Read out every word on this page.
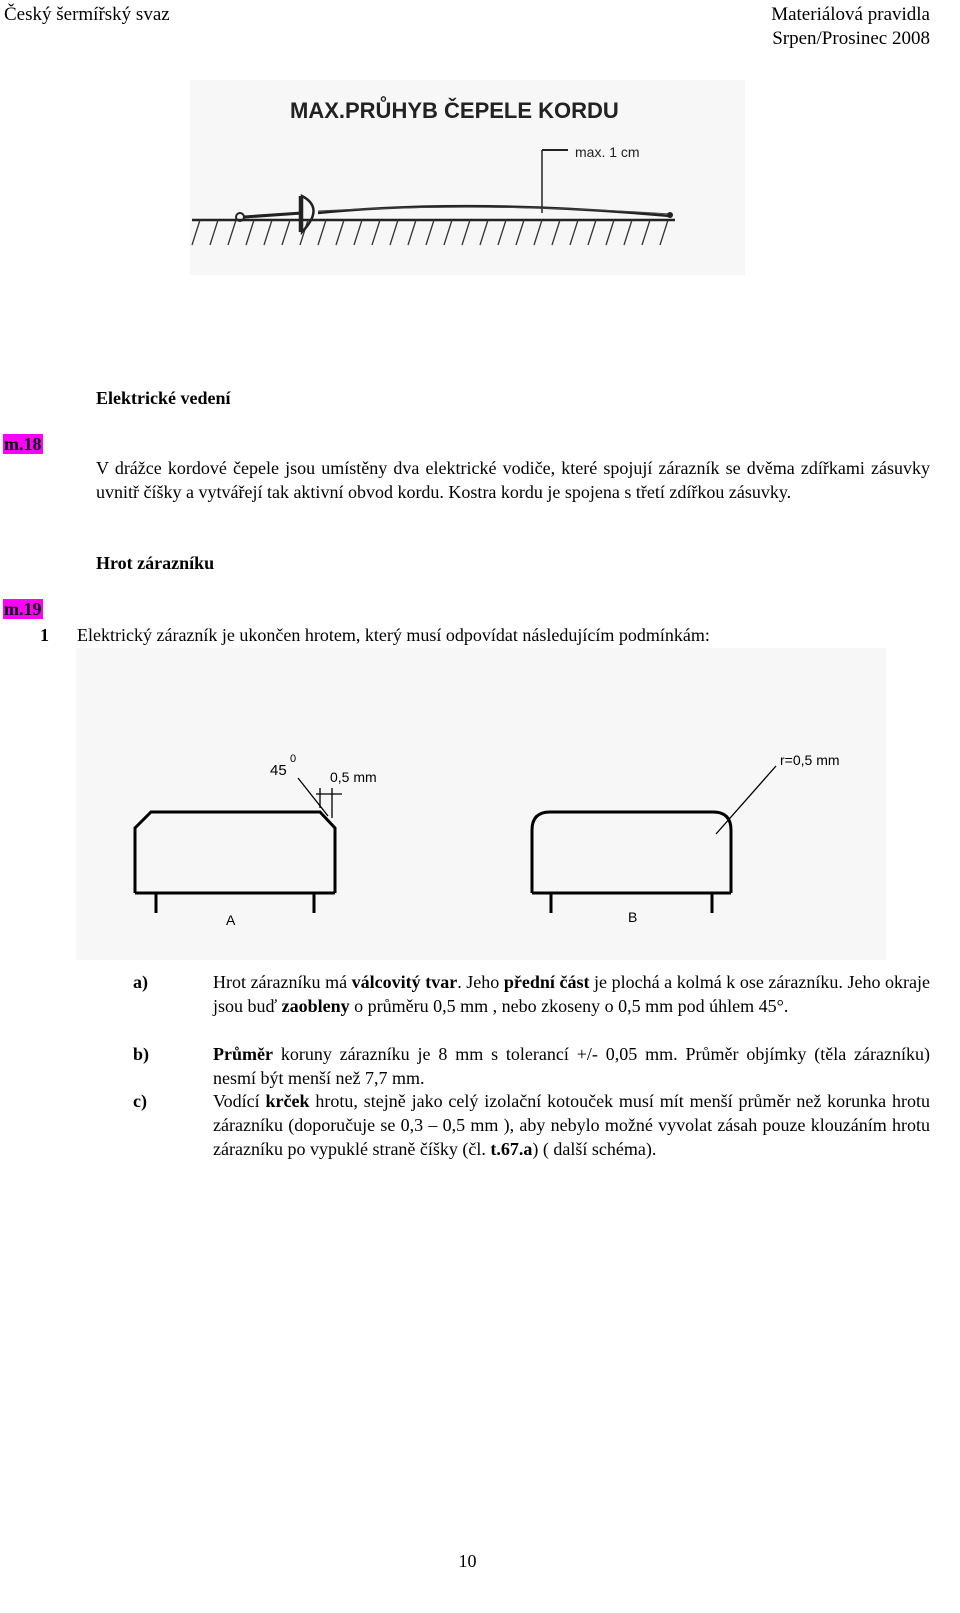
Český šermířský svaz	Materiálová pravidla
Srpen/Prosinec 2008
MAX.PRŮHYB ČEPELE KORDU
max. 1 cm
Elektrické vedení
m.18
V drážce kordové čepele jsou umístěny dva elektrické vodiče, které spojují zárazník se dvěma zdířkami zásuvky uvnitř číšky a vytvářejí tak aktivní obvod kordu. Kostra kordu je spojena s třetí zdířkou zásuvky.
Hrot zárazníku
m.19
1 Elektrický zárazník je ukončen hrotem, který musí odpovídat následujícím podmínkám:
45
0
0,5 mm
A
r=0,5 mm
B
a)	Hrot zárazníku má válcovitý tvar. Jeho přední část je plochá a kolmá k ose zárazníku. Jeho okraje jsou buď zaobleny o průměru 0,5 mm , nebo zkoseny o 0,5 mm pod úhlem 45°.
b)	Průměr koruny zárazníku je 8 mm s tolerancí +/- 0,05 mm. Průměr objímky (těla zárazníku) nesmí být menší než 7,7 mm.
c)	Vodící krček hrotu, stejně jako celý izolační kotouček musí mít menší průměr než korunka hrotu zárazníku (doporučuje se 0,3 – 0,5 mm ), aby nebylo možné vyvolat zásah pouze klouzáním hrotu zárazníku po vypuklé straně číšky (čl. t.67.a) ( další schéma).
10
